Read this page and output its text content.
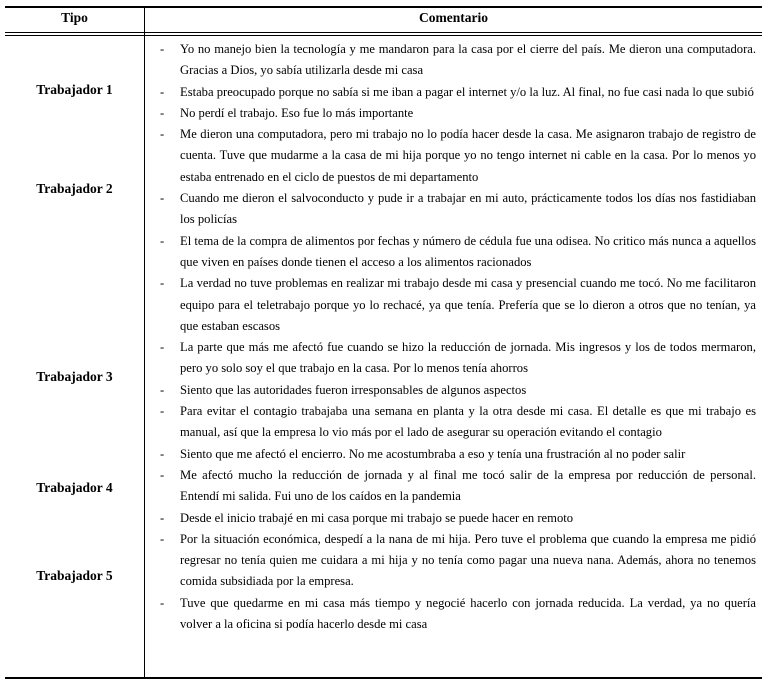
Tipo	Comentario
Trabajador 1
Trabajador 2
Trabajador 3
Trabajador 4
Trabajador 5
- Yo no manejo bien la tecnología y me mandaron para la casa por el cierre del país. Me dieron una computadora. Gracias a Dios, yo sabía utilizarla desde mi casa
- Estaba preocupado porque no sabía si me iban a pagar el internet y/o la luz. Al final, no fue casi nada lo que subió
- No perdí el trabajo. Eso fue lo más importante
- Me dieron una computadora, pero mi trabajo no lo podía hacer desde la casa. Me asignaron trabajo de registro de cuenta. Tuve que mudarme a la casa de mi hija porque yo no tengo internet ni cable en la casa. Por lo menos yo estaba entrenado en el ciclo de puestos de mi departamento
- Cuando me dieron el salvoconducto y pude ir a trabajar en mi auto, prácticamente todos los días nos fastidiaban los policías
- El tema de la compra de alimentos por fechas y número de cédula fue una odisea. No critico más nunca a aquellos que viven en países donde tienen el acceso a los alimentos racionados
- La verdad no tuve problemas en realizar mi trabajo desde mi casa y presencial cuando me tocó. No me facilitaron equipo para el teletrabajo porque yo lo rechacé, ya que tenía. Prefería que se lo dieron a otros que no tenían, ya que estaban escasos
- La parte que más me afectó fue cuando se hizo la reducción de jornada. Mis ingresos y los de todos mermaron, pero yo solo soy el que trabajo en la casa. Por lo menos tenía ahorros
- Siento que las autoridades fueron irresponsables de algunos aspectos
- Para evitar el contagio trabajaba una semana en planta y la otra desde mi casa. El detalle es que mi trabajo es manual, así que la empresa lo vio más por el lado de asegurar su operación evitando el contagio
- Siento que me afectó el encierro. No me acostumbraba a eso y tenía una frustración al no poder salir
- Me afectó mucho la reducción de jornada y al final me tocó salir de la empresa por reducción de personal. Entendí mi salida. Fui uno de los caídos en la pandemia
- Desde el inicio trabajé en mi casa porque mi trabajo se puede hacer en remoto
- Por la situación económica, despedí a la nana de mi hija. Pero tuve el problema que cuando la empresa me pidió regresar no tenía quien me cuidara a mi hija y no tenía como pagar una nueva nana. Además, ahora no tenemos comida subsidiada por la empresa.
- Tuve que quedarme en mi casa más tiempo y negocié hacerlo con jornada reducida. La verdad, ya no quería volver a la oficina si podía hacerlo desde mi casa
